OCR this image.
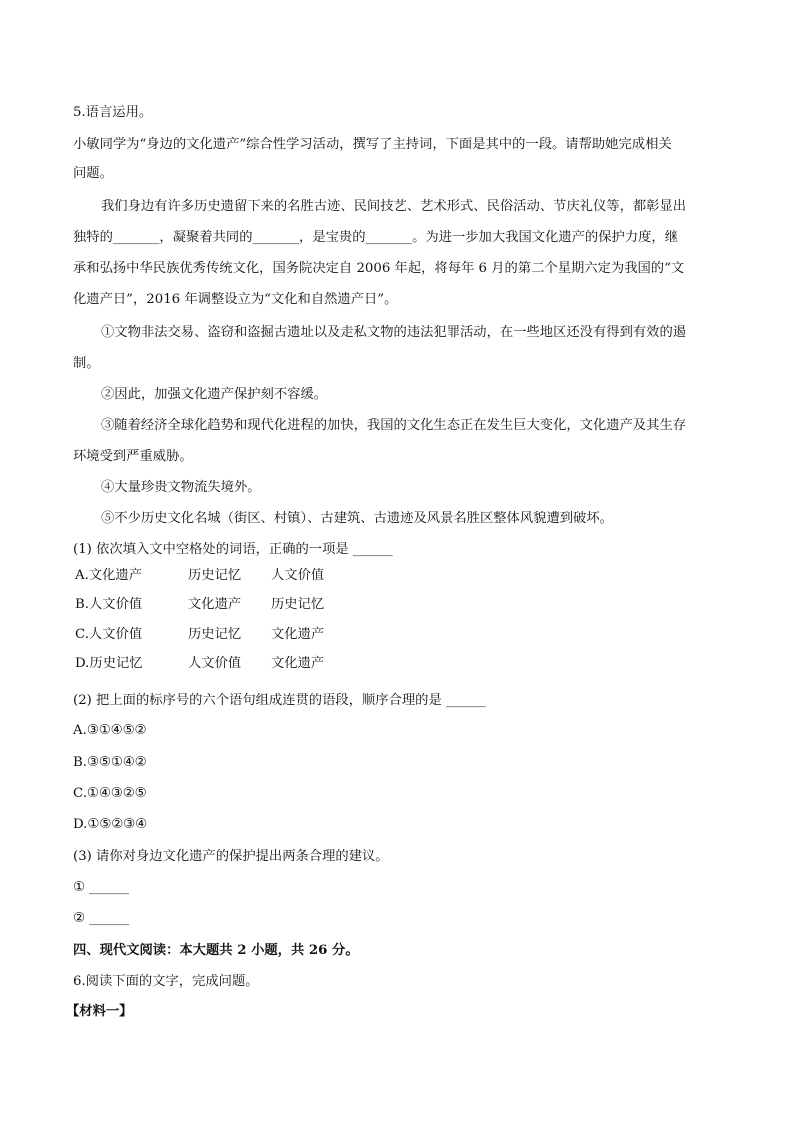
5.语言运用。
小敏同学为“身边的文化遗产”综合性学习活动，撰写了主持词，下面是其中的一段。请帮助她完成相关
问题。
我们身边有许多历史遗留下来的名胜古迹、民间技艺、艺术形式、民俗活动、节庆礼仪等，都彰显出
独特的_______，凝聚着共同的_______，是宝贵的_______。为进一步加大我国文化遗产的保护力度，继
承和弘扬中华民族优秀传统文化，国务院决定自 2006 年起，将每年 6 月的第二个星期六定为我国的“文
化遗产日”，2016 年调整设立为“文化和自然遗产日”。
①文物非法交易、盗窃和盗掘古遗址以及走私文物的违法犯罪活动，在一些地区还没有得到有效的遏
制。
②因此，加强文化遗产保护刻不容缓。
③随着经济全球化趋势和现代化进程的加快，我国的文化生态正在发生巨大变化，文化遗产及其生存
环境受到严重威胁。
④大量珍贵文物流失境外。
⑤不少历史文化名城（街区、村镇）、古建筑、古遗迹及风景名胜区整体风貌遭到破坏。
(1) 依次填入文中空格处的词语，正确的一项是 ______
A.文化遗产	历史记忆 人文价值
B.人文价值	文化遗产 历史记忆
C.人文价值	历史记忆 文化遗产
D.历史记忆	人文价值 文化遗产
(2) 把上面的标序号的六个语句组成连贯的语段，顺序合理的是 ______
A.③①④⑤②
B.③⑤①④②
C.①④③②⑤
D.①⑤②③④
(3) 请你对身边文化遗产的保护提出两条合理的建议。
① ______
② ______
四、现代文阅读：本大题共 2 小题，共 26 分。
6.阅读下面的文字，完成问题。
【材料一】
